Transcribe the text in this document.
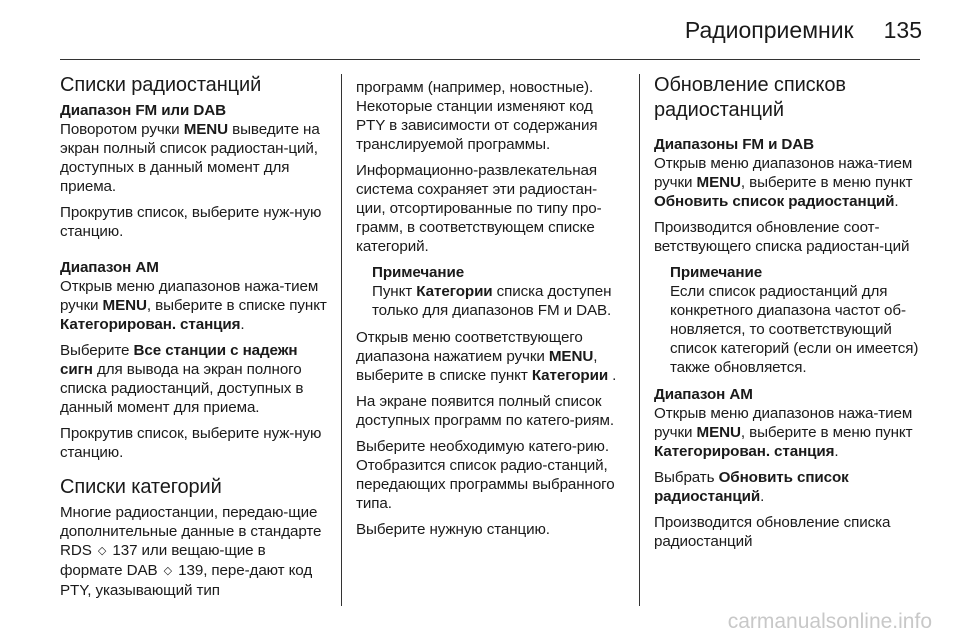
Радиоприемник 135
Списки радиостанций
Диапазон FM или DAB

Поворотом ручки MENU выведите на экран полный список радиостан-ций, доступных в данный момент для приема.

Прокрутив список, выберите нуж-ную станцию.

Диапазон AM

Открыв меню диапазонов нажа-тием ручки MENU, выберите в списке пункт Категорирован. станция.

Выберите Все станции с надежн сигн для вывода на экран полного списка радиостанций, доступных в данный момент для приема.

Прокрутив список, выберите нуж-ную станцию.

Списки категорий

Многие радиостанции, передаю-щие дополнительные данные в стандарте RDS ◇ 137 или вещаю-щие в формате DAB ◇ 139, пере-дают код PTY, указывающий тип

программ (например, новостные). Некоторые станции изменяют код PTY в зависимости от содержания транслируемой программы.

Информационно-развлекательная система сохраняет эти радиостан-ции, отсортированные по типу про-грамм, в соответствующем списке категорий.

Примечание
Пункт Категории списка доступен только для диапазонов FM и DAB.

Открыв меню соответствующего диапазона нажатием ручки MENU, выберите в списке пункт Категории .

На экране появится полный список доступных программ по катего-риям.

Выберите необходимую катего-рию. Отобразится список радио-станций, передающих программы выбранного типа.

Выберите нужную станцию.

Обновление списков радиостанций
Диапазоны FM и DAB

Открыв меню диапазонов нажа-тием ручки MENU, выберите в меню пункт Обновить список радиостанций.

Производится обновление соот-ветствующего списка радиостан-ций

Примечание
Если список радиостанций для конкретного диапазона частот об-новляется, то соответствующий список категорий (если он имеется) также обновляется.
Диапазон AM

Открыв меню диапазонов нажа-тием ручки MENU, выберите в меню пункт Категорирован. станция.

Выбрать Обновить список радиостанций.

Производится обновление списка радиостанций

carmanualsonline.info
